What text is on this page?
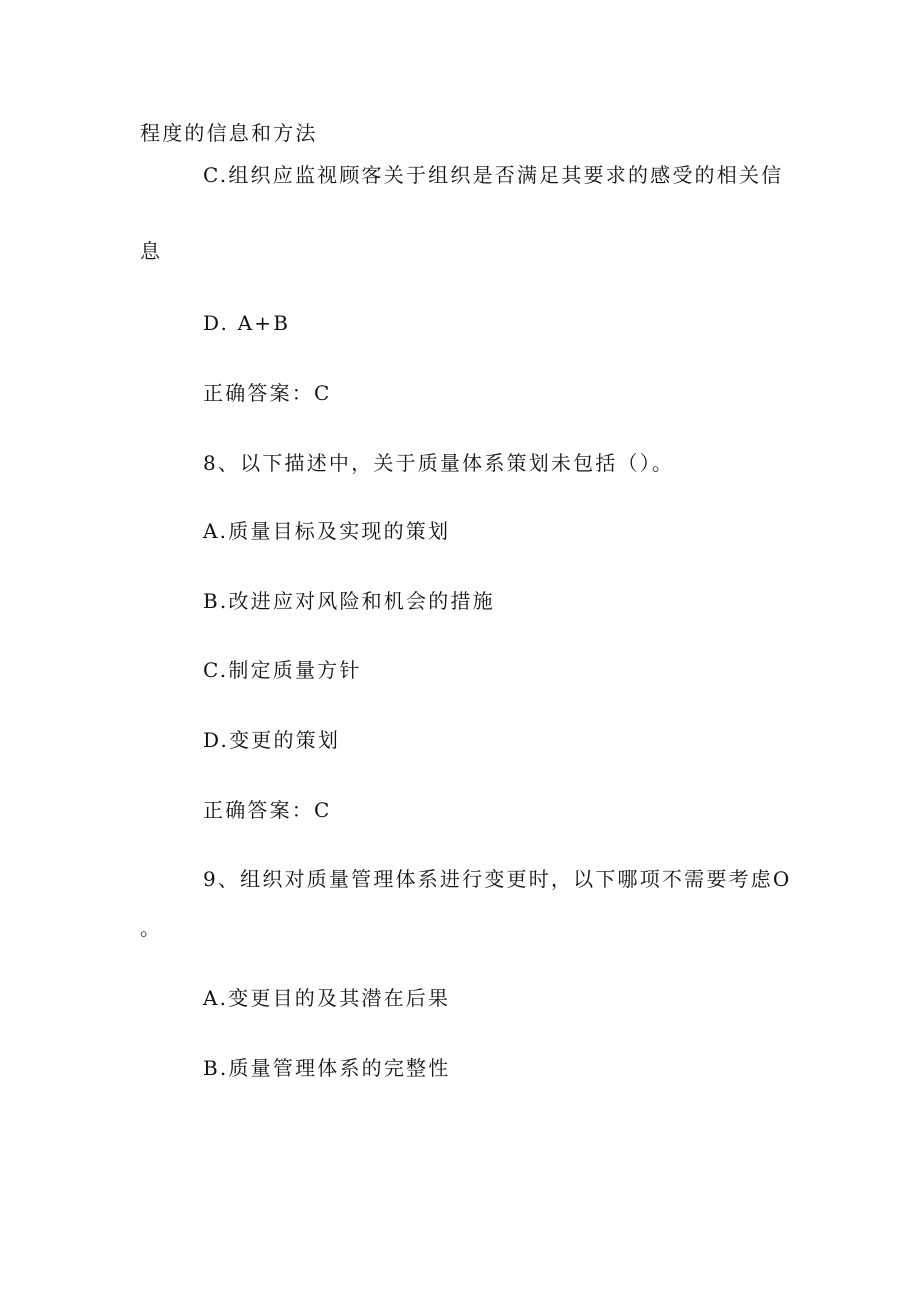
程度的信息和方法
C.组织应监视顾客关于组织是否满足其要求的感受的相关信
息
D. A+B
正确答案：C
8、以下描述中，关于质量体系策划未包括（）。
A.质量目标及实现的策划
B.改进应对风险和机会的措施
C.制定质量方针
D.变更的策划
正确答案：C
9、组织对质量管理体系进行变更时，以下哪项不需要考虑O
。
A.变更目的及其潜在后果
B.质量管理体系的完整性
